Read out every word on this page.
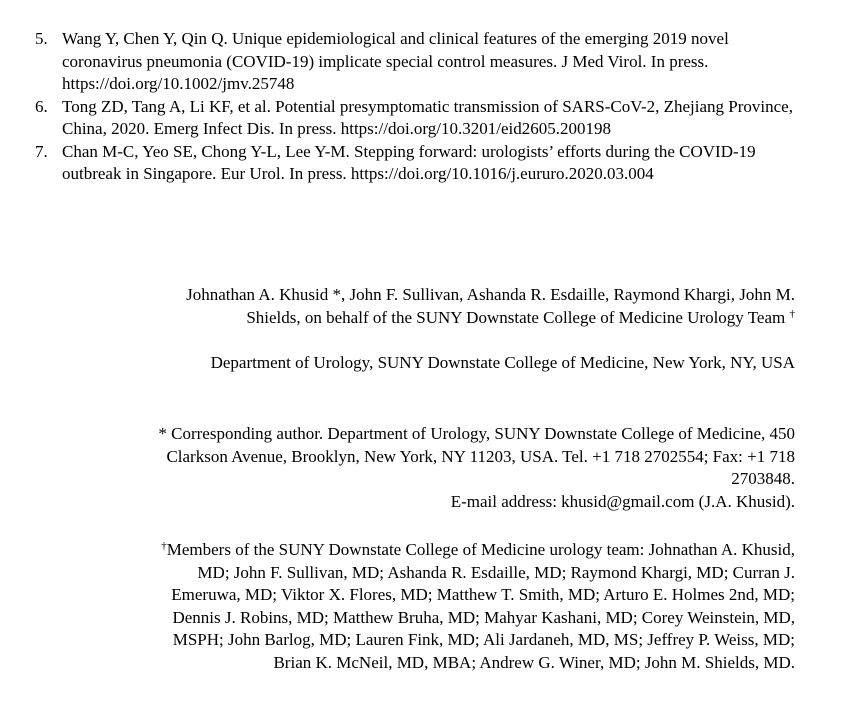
5. Wang Y, Chen Y, Qin Q. Unique epidemiological and clinical features of the emerging 2019 novel coronavirus pneumonia (COVID-19) implicate special control measures. J Med Virol. In press. https://doi.org/10.1002/jmv.25748
6. Tong ZD, Tang A, Li KF, et al. Potential presymptomatic transmission of SARS-CoV-2, Zhejiang Province, China, 2020. Emerg Infect Dis. In press. https://doi.org/10.3201/eid2605.200198
7. Chan M-C, Yeo SE, Chong Y-L, Lee Y-M. Stepping forward: urologists’ efforts during the COVID-19 outbreak in Singapore. Eur Urol. In press. https://doi.org/10.1016/j.eururo.2020.03.004
Johnathan A. Khusid *, John F. Sullivan, Ashanda R. Esdaille, Raymond Khargi, John M.
Shields, on behalf of the SUNY Downstate College of Medicine Urology Team †
Department of Urology, SUNY Downstate College of Medicine, New York, NY, USA
* Corresponding author. Department of Urology, SUNY Downstate College of Medicine, 450
Clarkson Avenue, Brooklyn, New York, NY 11203, USA. Tel. +1 718 2702554; Fax: +1 718
2703848.
E-mail address: khusid@gmail.com (J.A. Khusid).
†Members of the SUNY Downstate College of Medicine urology team: Johnathan A. Khusid,
MD; John F. Sullivan, MD; Ashanda R. Esdaille, MD; Raymond Khargi, MD; Curran J.
Emeruwa, MD; Viktor X. Flores, MD; Matthew T. Smith, MD; Arturo E. Holmes 2nd, MD;
Dennis J. Robins, MD; Matthew Bruha, MD; Mahyar Kashani, MD; Corey Weinstein, MD,
MSPH; John Barlog, MD; Lauren Fink, MD; Ali Jardaneh, MD, MS; Jeffrey P. Weiss, MD;
Brian K. McNeil, MD, MBA; Andrew G. Winer, MD; John M. Shields, MD.
